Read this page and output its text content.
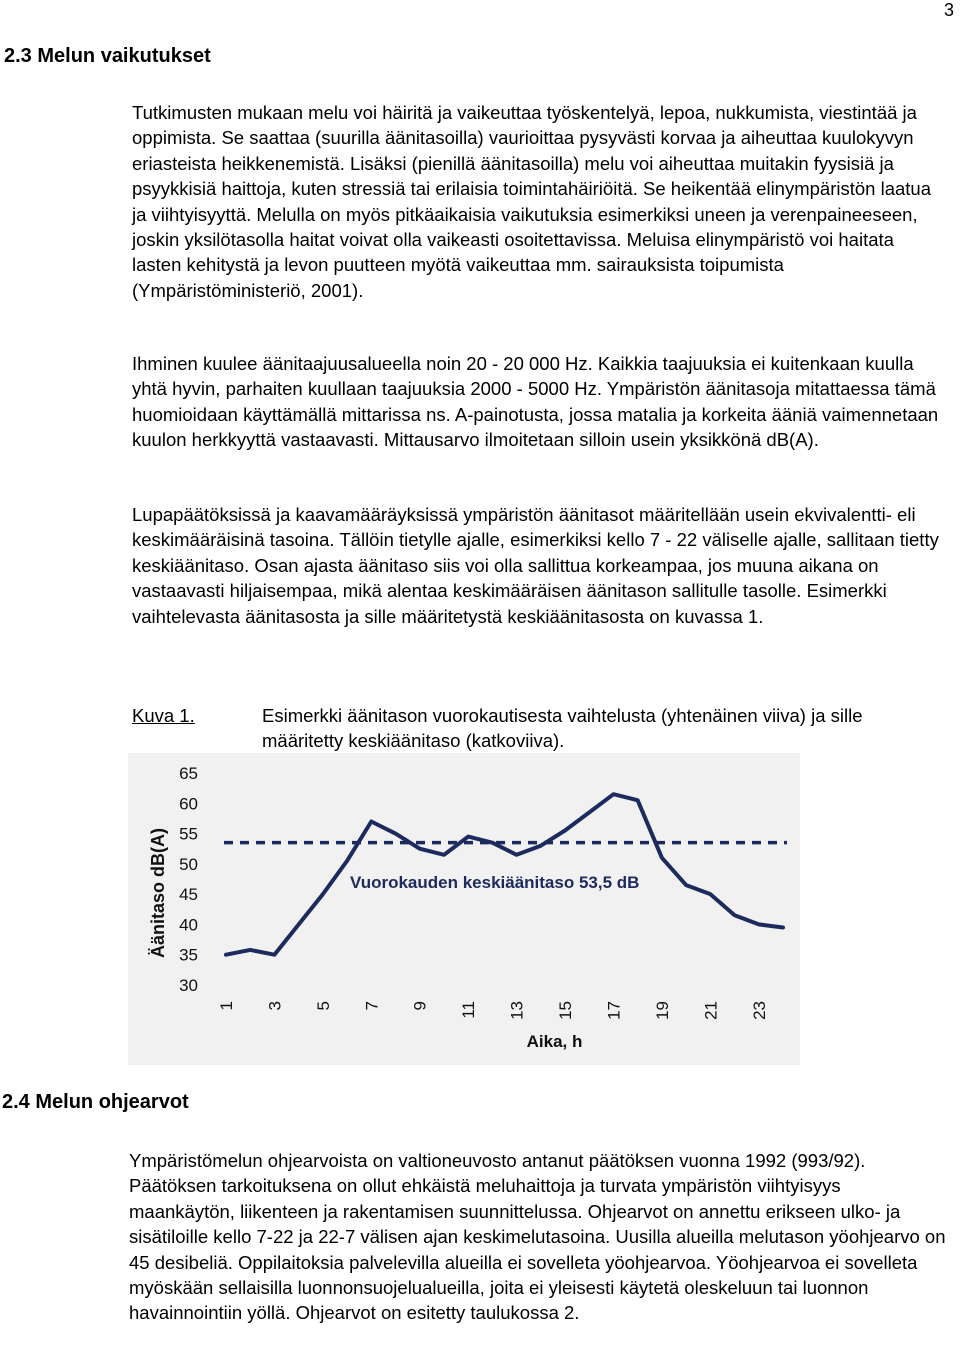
3
2.3 Melun vaikutukset

Tutkimusten mukaan melu voi häiritä ja vaikeuttaa työskentelyä, lepoa, nukkumista, viestintää ja oppimista. Se saattaa (suurilla äänitasoilla) vaurioittaa pysyvästi korvaa ja aiheuttaa kuulokyvyn eriasteista heikkenemistä. Lisäksi (pienillä äänitasoilla) melu voi aiheuttaa muitakin fyysisiä ja psyykkisiä haittoja, kuten stressiä tai erilaisia toimintahäiriöitä. Se heikentää elinympäristön laatua ja viihtyisyyttä. Melulla on myös pitkäaikaisia vaikutuksia esimerkiksi uneen ja verenpaineeseen, joskin yksilötasolla haitat voivat olla vaikeasti osoitettavissa. Meluisa elinympäristö voi haitata lasten kehitystä ja levon puutteen myötä vaikeuttaa mm. sairauksista toipumista (Ympäristöministeriö, 2001).

Ihminen kuulee äänitaajuusalueella noin 20 - 20 000 Hz. Kaikkia taajuuksia ei kuitenkaan kuulla yhtä hyvin, parhaiten kuullaan taajuuksia 2000 - 5000 Hz. Ympäristön äänitasoja mitattaessa tämä huomioidaan käyttämällä mittarissa ns. A-painotusta, jossa matalia ja korkeita ääniä vaimennetaan kuulon herkkyyttä vastaavasti. Mittausarvo ilmoitetaan silloin usein yksikkönä dB(A).

Lupapäätöksissä ja kaavamääräyksissä ympäristön äänitasot määritellään usein ekvivalentti- eli keskimääräisinä tasoina. Tällöin tietylle ajalle, esimerkiksi kello 7 - 22 väliselle ajalle, sallitaan tietty keskiäänitaso. Osan ajasta äänitaso siis voi olla sallittua korkeampaa, jos muuna aikana on vastaavasti hiljaisempaa, mikä alentaa keskimääräisen äänitason sallitulle tasolle. Esimerkki vaihtelevasta äänitasosta ja sille määritetystä keskiäänitasosta on kuvassa 1.

Kuva 1.	Esimerkki äänitason vuorokautisesta vaihtelusta (yhtenäinen viiva) ja sille määritetty keskiäänitaso (katkoviiva).
30
35
40
45
50
55
60
65
1 3 5 7 9 11 13 15 17 19 21 23
Äänitaso dB(A)
Aika, h
Vuorokauden keskiäänitaso 53,5 dB
2.4 Melun ohjearvot

Ympäristömelun ohjearvoista on valtioneuvosto antanut päätöksen vuonna 1992 (993/92). Päätöksen tarkoituksena on ollut ehkäistä meluhaittoja ja turvata ympäristön viihtyisyys maankäytön, liikenteen ja rakentamisen suunnittelussa. Ohjearvot on annettu erikseen ulko- ja sisätiloille kello 7-22 ja 22-7 välisen ajan keskimelutasoina. Uusilla alueilla melutason yöohjearvo on 45 desibeliä. Oppilaitoksia palvelevilla alueilla ei sovelleta yöohjearvoa. Yöohjearvoa ei sovelleta myöskään sellaisilla luonnonsuojelualueilla, joita ei yleisesti käytetä oleskeluun tai luonnon havainnointiin yöllä. Ohjearvot on esitetty taulukossa 2.
